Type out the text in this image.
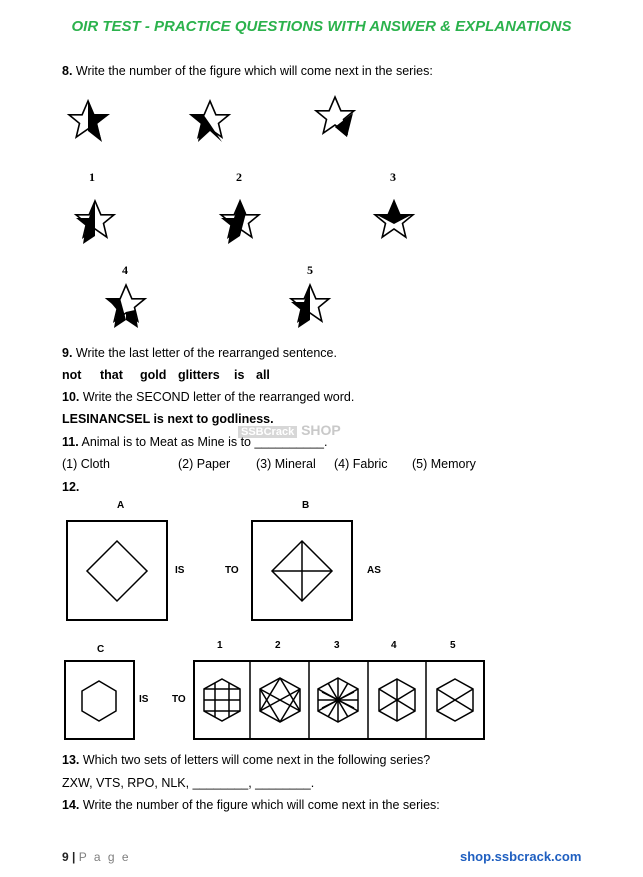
OIR TEST - PRACTICE QUESTIONS WITH ANSWER & EXPLANATIONS
8. Write the number of the figure which will come next in the series:
1	2	3
4	5
9. Write the last letter of the rearranged sentence.
not that gold glitters is all
10. Write the SECOND letter of the rearranged word.
LESINANCSEL is next to godliness.
SSBCrack SHOP
11. Animal is to Meat as Mine is to __________.
(1) Cloth	(2) Paper (3) Mineral (4) Fabric (5) Memory
12.
A	B
IS	TO	AS
C
IS TO
1	2	3	4	5
13. Which two sets of letters will come next in the following series?
ZXW, VTS, RPO, NLK, ________, ________.
14. Write the number of the figure which will come next in the series:
9 | P a g e	shop.ssbcrack.com
